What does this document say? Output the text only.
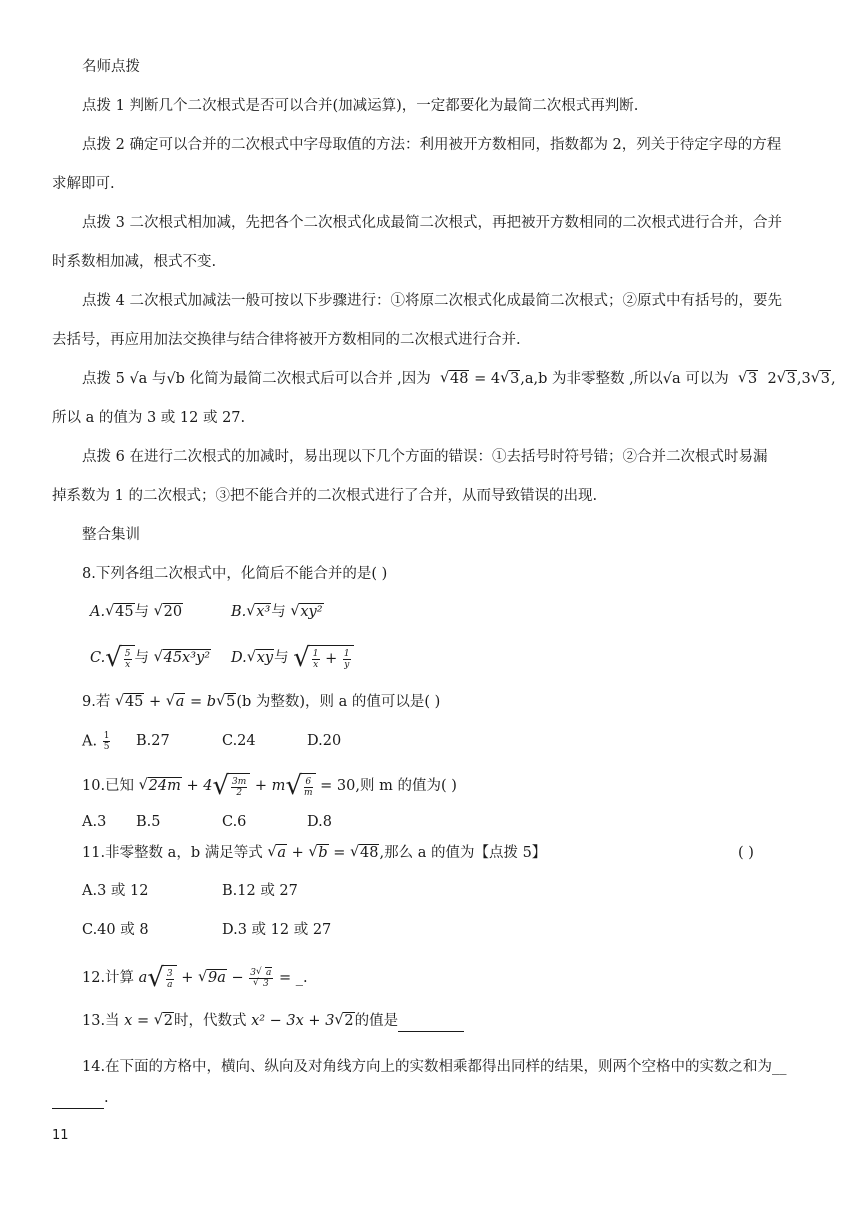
名师点拨
点拨 1 判断几个二次根式是否可以合并(加减运算)，一定都要化为最简二次根式再判断.
点拨 2 确定可以合并的二次根式中字母取值的方法：利用被开方数相同，指数都为 2，列关于待定字母的方程
求解即可.
点拨 3 二次根式相加减，先把各个二次根式化成最简二次根式，再把被开方数相同的二次根式进行合并，合并
时系数相加减，根式不变.
点拨 4 二次根式加减法一般可按以下步骤进行：①将原二次根式化成最简二次根式；②原式中有括号的，要先
去括号，再应用加法交换律与结合律将被开方数相同的二次根式进行合并.
点拨 5 √a 与√b 化简为最简二次根式后可以合并 ,因为 √ 48 = 4 √ 3,a,b 为非零整数 ,所以√a 可以为 √ 3 2 √ 3,3 √ 3,
所以 a 的值为 3 或 12 或 27.
点拨 6 在进行二次根式的加减时，易出现以下几个方面的错误：①去括号时符号错；②合并二次根式时易漏
掉系数为 1 的二次根式；③把不能合并的二次根式进行了合并，从而导致错误的出现.
整合集训
8.下列各组二次根式中，化简后不能合并的是( )
A. √ 45与 √ 20	B. √ x³与 √ xy²
C. √ $\frac{5}{x}$ 与 √ 45x³y² D. √ xy与 √ $\frac{1}{x} + \frac{1}{y}$
9.若 √ 45 + √ a = b √ 5(b 为整数)，则 a 的值可以是( )
A. $\frac{1}{5} B.27$	C.24	D.20
10.已知 √ 24m + 4 √ $\frac{3m}{2} + m$ √ $\frac{6}{m} = 30$,则 m 的值为( )
A.3 B.5	C.6	D.8
11.非零整数 a，b 满足等式 √ a + √ b = √ 48,那么 a 的值为【点拨 5】	( )
A.3 或 12	B.12 或 27
C.40 或 8	D.3 或 12 或 27
12.计算 a √ $\frac{3}{a}$ + √ 9a − 3 √ a
√ 3 = _.
13.当 x = √ 2时，代数式 x² − 3x + 3 √ 2的值是
14.在下面的方格中，横向、纵向及对角线方向上的实数相乘都得出同样的结果，则两个空格中的实数之和为__
.
11
